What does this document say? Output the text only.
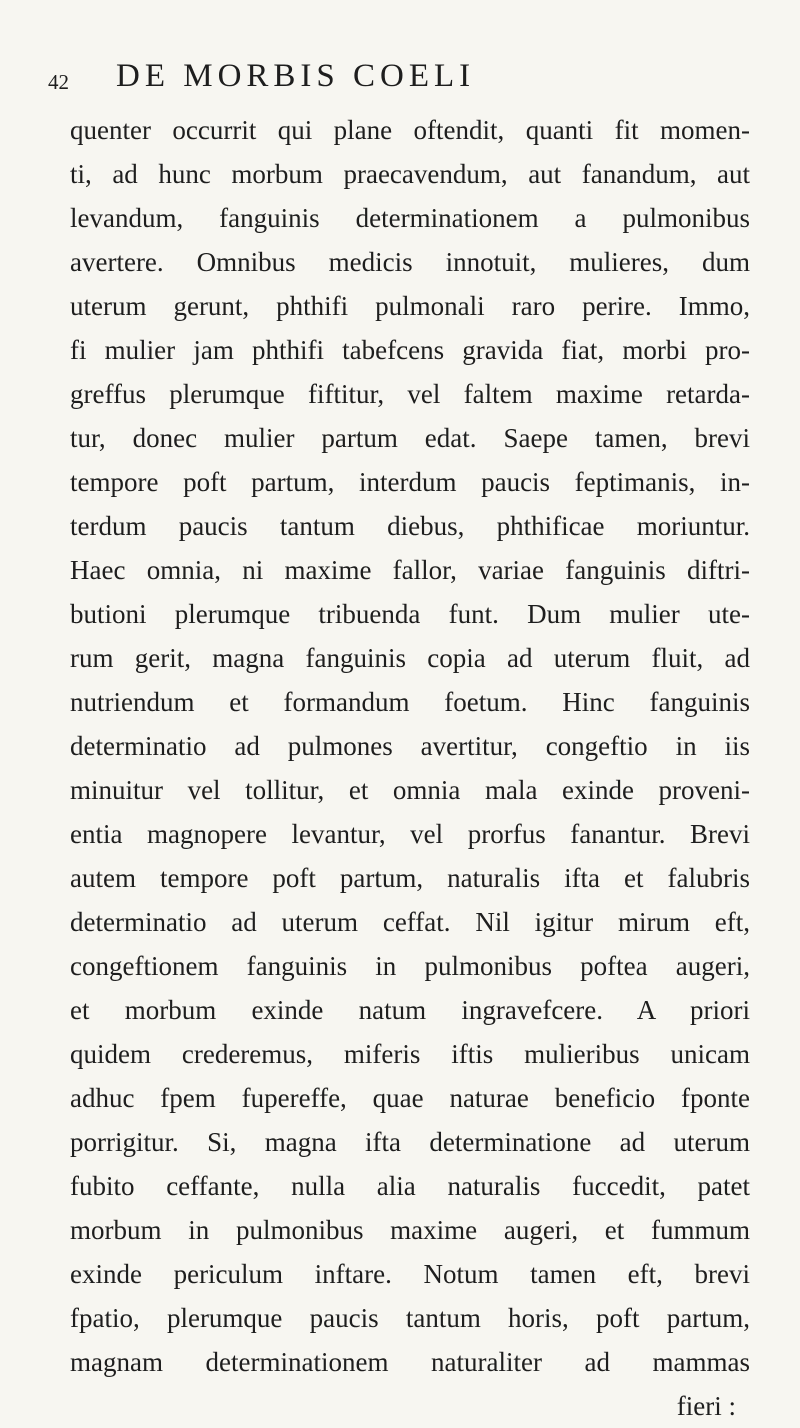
42 DE MORBIS COELI
quenter occurrit qui plane oftendit, quanti fit momen-
ti, ad hunc morbum praecavendum, aut fanandum, aut
levandum, fanguinis determinationem a pulmonibus
avertere. Omnibus medicis innotuit, mulieres, dum
uterum gerunt, phthifi pulmonali raro perire. Immo,
fi mulier jam phthifi tabefcens gravida fiat, morbi pro-
greffus plerumque fiftitur, vel faltem maxime retarda-
tur, donec mulier partum edat. Saepe tamen, brevi
tempore poft partum, interdum paucis feptimanis, in-
terdum paucis tantum diebus, phthificae moriuntur.
Haec omnia, ni maxime fallor, variae fanguinis diftri-
butioni plerumque tribuenda funt. Dum mulier ute-
rum gerit, magna fanguinis copia ad uterum fluit, ad
nutriendum et formandum foetum. Hinc fanguinis
determinatio ad pulmones avertitur, congeftio in iis
minuitur vel tollitur, et omnia mala exinde proveni-
entia magnopere levantur, vel prorfus fanantur. Brevi
autem tempore poft partum, naturalis ifta et falubris
determinatio ad uterum ceffat. Nil igitur mirum eft,
congeftionem fanguinis in pulmonibus poftea augeri,
et morbum exinde natum ingravefcere. A priori
quidem crederemus, miferis iftis mulieribus unicam
adhuc fpem fupereffe, quae naturae beneficio fponte
porrigitur. Si, magna ifta determinatione ad uterum
fubito ceffante, nulla alia naturalis fuccedit, patet
morbum in pulmonibus maxime augeri, et fummum
exinde periculum inftare. Notum tamen eft, brevi
fpatio, plerumque paucis tantum horis, poft partum,
magnam determinationem naturaliter ad mammas
fieri :
